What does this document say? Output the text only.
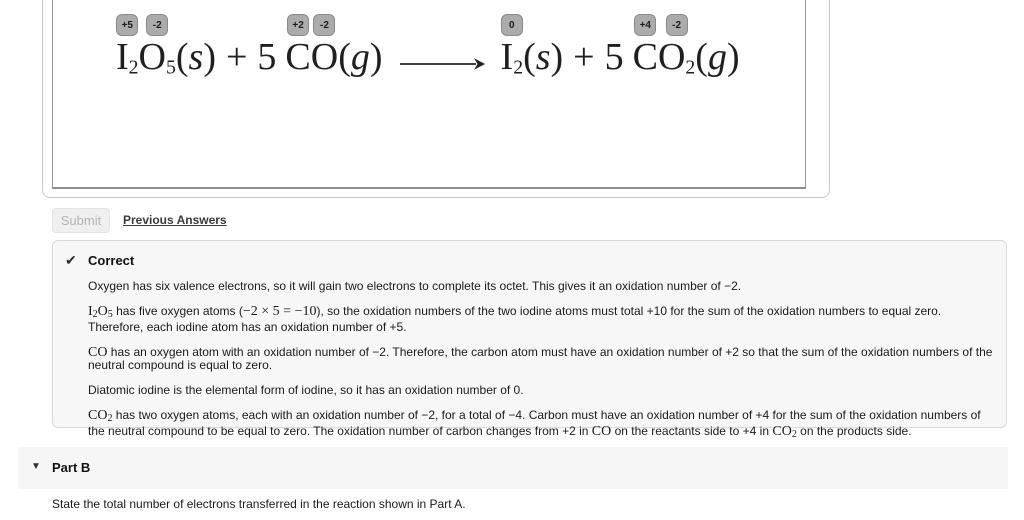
+5
$I_2$
-2
$O_5$ (s) + 5
+2
C
-2
O (g)
0
$I_2$ (s) + 5
+4
C
-2
$O_2$ (g)
Submit	Previous Answers
✔ Correct
Oxygen has six valence electrons, so it will gain two electrons to complete its octet. This gives it an oxidation number of −2.
I2O5 has five oxygen atoms (−2 × 5 = −10), so the oxidation numbers of the two iodine atoms must total +10 for the sum of the oxidation numbers to equal zero. Therefore, each iodine atom has an oxidation number of +5.
CO has an oxygen atom with an oxidation number of −2. Therefore, the carbon atom must have an oxidation number of +2 so that the sum of the oxidation numbers of the neutral compound is equal to zero.
Diatomic iodine is the elemental form of iodine, so it has an oxidation number of 0.
CO2 has two oxygen atoms, each with an oxidation number of −2, for a total of −4. Carbon must have an oxidation number of +4 for the sum of the oxidation numbers of the neutral compound to be equal to zero. The oxidation number of carbon changes from +2 in CO on the reactants side to +4 in CO2 on the products side.
▼ Part B
State the total number of electrons transferred in the reaction shown in Part A.
